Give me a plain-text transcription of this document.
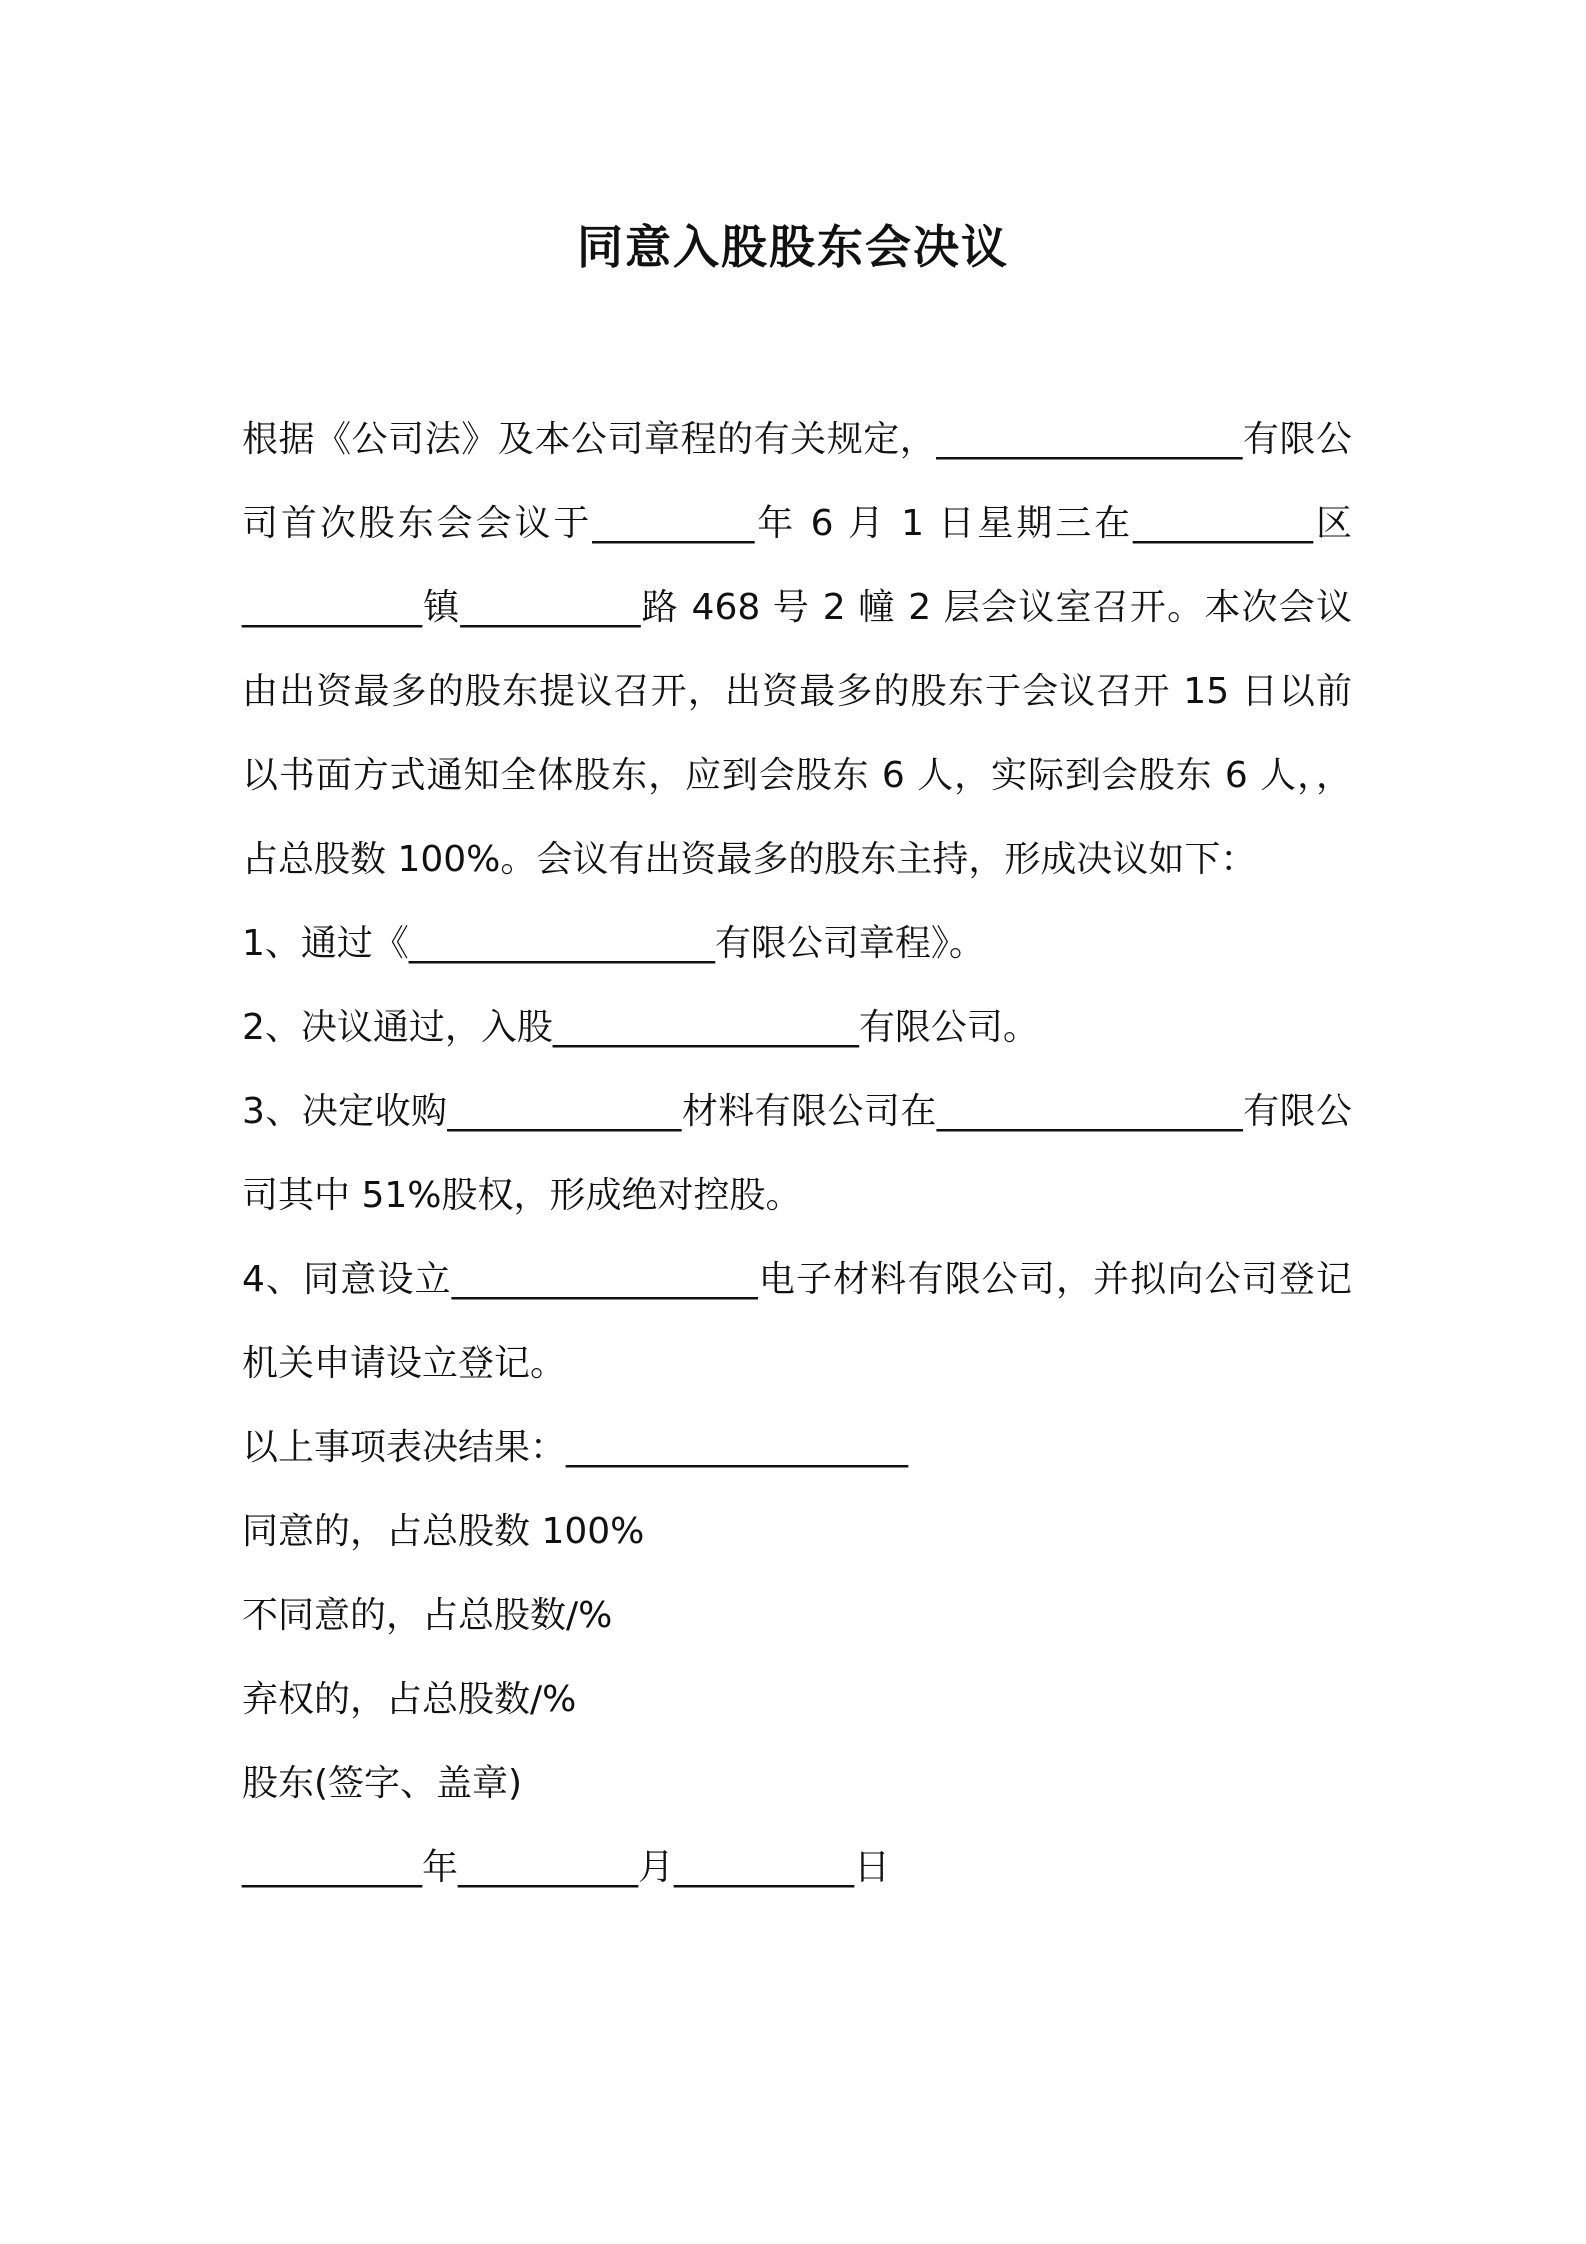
同意入股股东会决议
根据《公司法》及本公司章程的有关规定，_________________有限公司首次股东会会议于_________年 6 月 1 日星期三在__________区__________镇__________路 468 号 2 幢 2 层会议室召开。本次会议由出资最多的股东提议召开，出资最多的股东于会议召开 15 日以前以书面方式通知全体股东，应到会股东 6 人，实际到会股东 6 人，，占总股数 100%。会议有出资最多的股东主持，形成决议如下：
1、通过《_________________有限公司章程》。
2、决议通过，入股_________________有限公司。
3、决定收购_____________材料有限公司在_________________有限公司其中 51%股权，形成绝对控股。
4、同意设立_________________电子材料有限公司，并拟向公司登记机关申请设立登记。
以上事项表决结果：___________________
同意的，占总股数 100%
不同意的，占总股数/%
弃权的，占总股数/%
股东(签字、盖章)
__________年__________月__________日
